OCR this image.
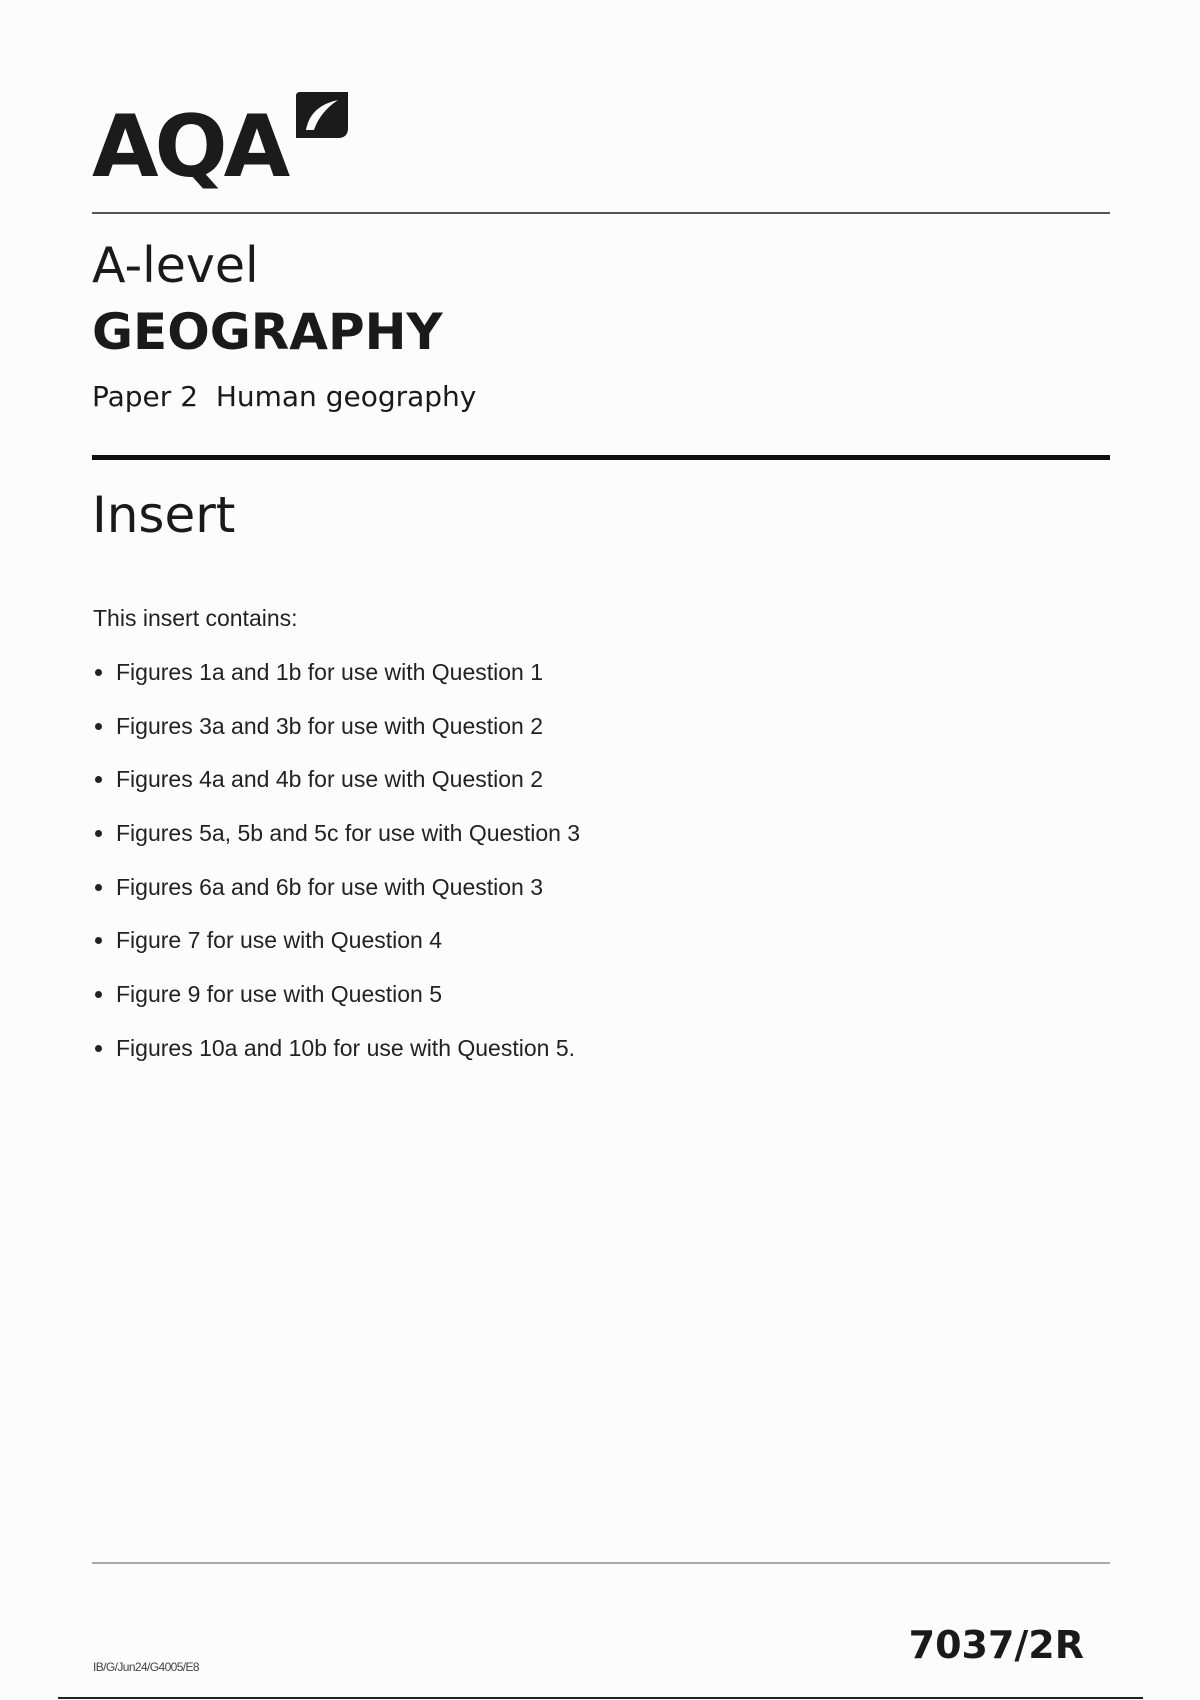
AQA
A-level
GEOGRAPHY
Paper 2  Human geography
Insert
This insert contains:
Figures 1a and 1b for use with Question 1
Figures 3a and 3b for use with Question 2
Figures 4a and 4b for use with Question 2
Figures 5a, 5b and 5c for use with Question 3
Figures 6a and 6b for use with Question 3
Figure 7 for use with Question 4
Figure 9 for use with Question 5
Figures 10a and 10b for use with Question 5.
IB/G/Jun24/G4005/E8	7037/2R
